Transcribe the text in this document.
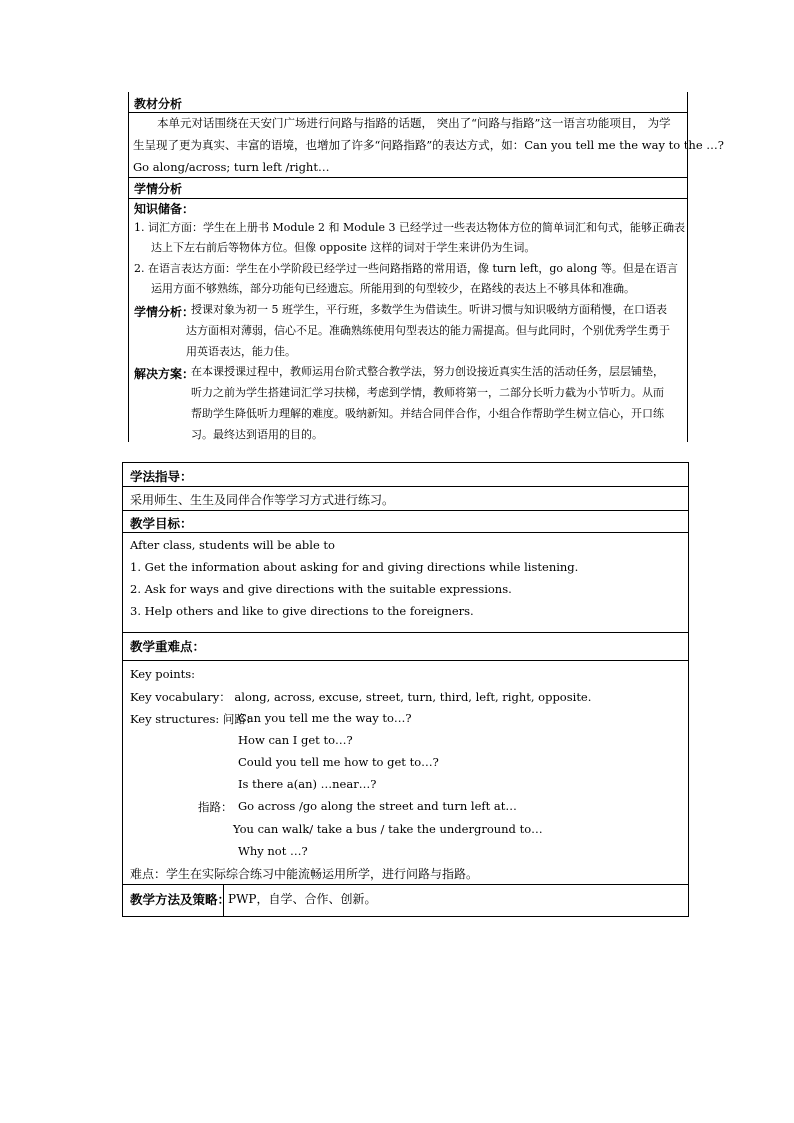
教材分析
本单元对话围绕在天安门广场进行问路与指路的话题， 突出了“问路与指路”这一语言功能项目， 为学
生呈现了更为真实、丰富的语境，也增加了许多“问路指路”的表达方式，如：Can you tell me the way to the …?
Go along/across; turn left /right…
学情分析
知识储备：
1. 词汇方面：学生在上册书 Module 2 和 Module 3 已经学过一些表达物体方位的简单词汇和句式，能够正确表
达上下左右前后等物体方位。但像 opposite 这样的词对于学生来讲仍为生词。
2. 在语言表达方面：学生在小学阶段已经学过一些问路指路的常用语，像 turn left，go along 等。但是在语言
运用方面不够熟练，部分功能句已经遗忘。所能用到的句型较少，在路线的表达上不够具体和准确。
学情分析：
授课对象为初一 5 班学生，平行班，多数学生为借读生。听讲习惯与知识吸纳方面稍慢，在口语表
达方面相对薄弱，信心不足。准确熟练使用句型表达的能力需提高。但与此同时，个别优秀学生勇于
用英语表达，能力佳。
解决方案：
在本课授课过程中，教师运用台阶式整合教学法，努力创设接近真实生活的活动任务，层层铺垫，
听力之前为学生搭建词汇学习扶梯，考虑到学情，教师将第一，二部分长听力截为小节听力。从而
帮助学生降低听力理解的难度。吸纳新知。并结合同伴合作，小组合作帮助学生树立信心，开口练
习。最终达到语用的目的。
学法指导：
采用师生、生生及同伴合作等学习方式进行练习。
教学目标：
After class, students will be able to
1. Get the information about asking for and giving directions while listening.
2. Ask for ways and give directions with the suitable expressions.
3. Help others and like to give directions to the foreigners.
教学重难点：
Key points:
Key vocabulary： along, across, excuse, street, turn, third, left, right, opposite.
Key structures: 问路：
Can you tell me the way to…?
How can I get to…?
Could you tell me how to get to…?
Is there a(an) …near…?
指路： Go across /go along the street and turn left at…
You can walk/ take a bus / take the underground to…
Why not …?
难点：学生在实际综合练习中能流畅运用所学，进行问路与指路。
教学方法及策略：
PWP，自学、合作、创新。
